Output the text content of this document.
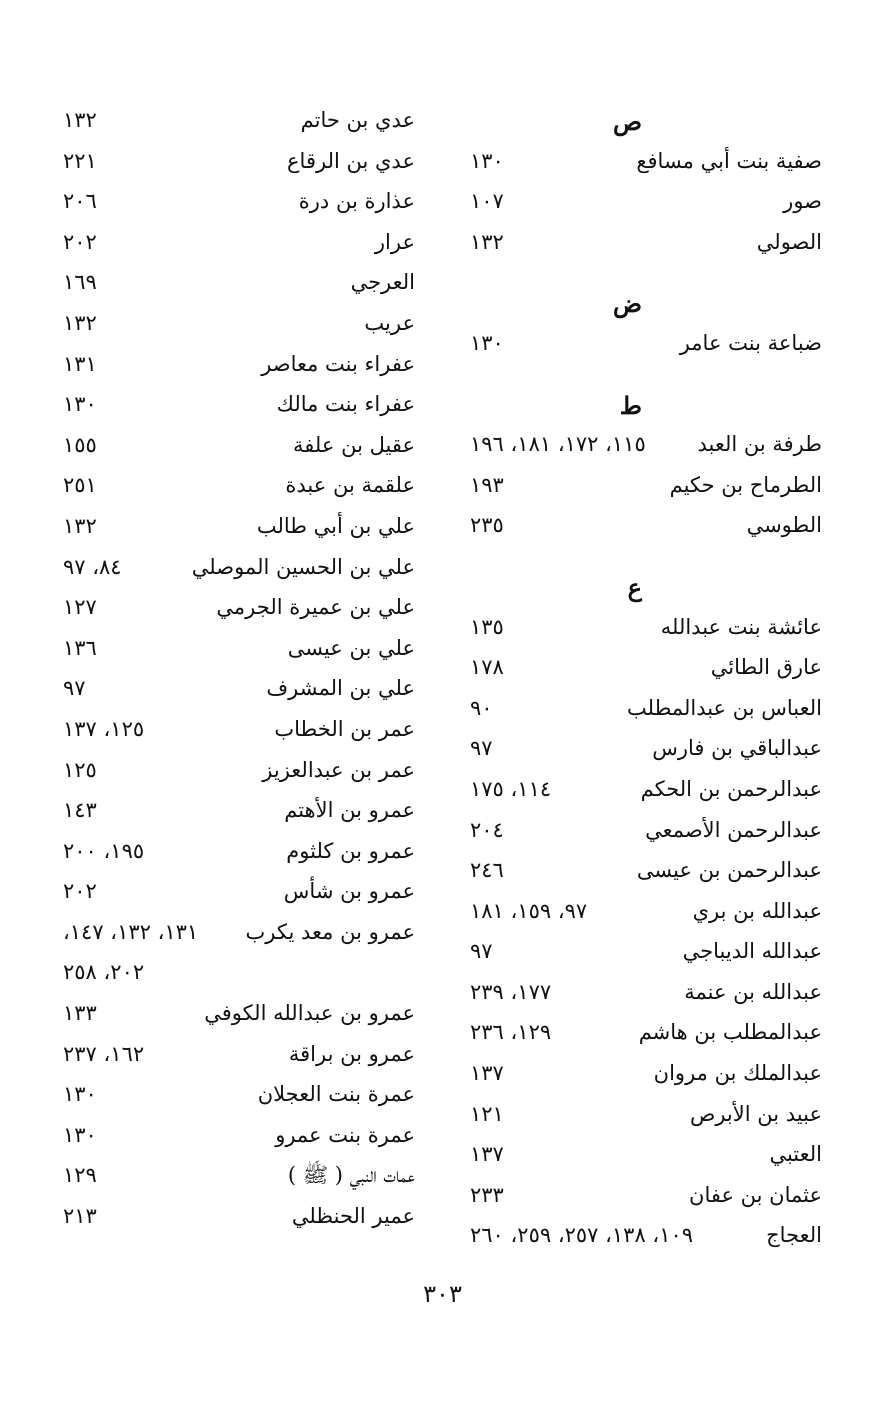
ص
صفية بنت أبي مسافع
١٣٠
صور
١٠٧
الصولي
١٣٢
ض
ضباعة بنت عامر
١٣٠
ط
طرفة بن العبد
١١٥، ١٧٢، ١٨١، ١٩٦
الطرماح بن حكيم
١٩٣
الطوسي
٢٣٥
ع
عائشة بنت عبدالله
١٣٥
عارق الطائي
١٧٨
العباس بن عبدالمطلب
٩٠
عبدالباقي بن فارس
٩٧
عبدالرحمن بن الحكم
١١٤، ١٧٥
عبدالرحمن الأصمعي
٢٠٤
عبدالرحمن بن عيسى
٢٤٦
عبدالله بن بري
٩٧، ١٥٩، ١٨١
عبدالله الديباجي
٩٧
عبدالله بن عنمة
١٧٧، ٢٣٩
عبدالمطلب بن هاشم
١٢٩، ٢٣٦
عبدالملك بن مروان
١٣٧
عبيد بن الأبرص
١٢١
العتبي
١٣٧
عثمان بن عفان
٢٣٣
العجاج
١٠٩، ١٣٨، ٢٥٧، ٢٥٩، ٢٦٠
عدي بن حاتم
١٣٢
عدي بن الرقاع
٢٢١
عذارة بن درة
٢٠٦
عرار
٢٠٢
العرجي
١٦٩
عريب
١٣٢
عفراء بنت معاصر
١٣١
عفراء بنت مالك
١٣٠
عقيل بن علفة
١٥٥
علقمة بن عبدة
٢٥١
علي بن أبي طالب
١٣٢
علي بن الحسين الموصلي
٨٤، ٩٧
علي بن عميرة الجرمي
١٢٧
علي بن عيسى
١٣٦
علي بن المشرف
٩٧
عمر بن الخطاب
١٢٥، ١٣٧
عمر بن عبدالعزيز
١٢٥
عمرو بن الأهتم
١٤٣
عمرو بن كلثوم
١٩٥، ٢٠٠
عمرو بن شأس
٢٠٢
عمرو بن معد يكرب
١٣١، ١٣٢، ١٤٧،
٢٠٢، ٢٥٨
عمرو بن عبدالله الكوفي
١٣٣
عمرو بن براقة
١٦٢، ٢٣٧
عمرة بنت العجلان
١٣٠
عمرة بنت عمرو
١٣٠
عمات النبي ( ﷺ )
١٢٩
عمير الحنظلي
٢١٣
٣٠٣
